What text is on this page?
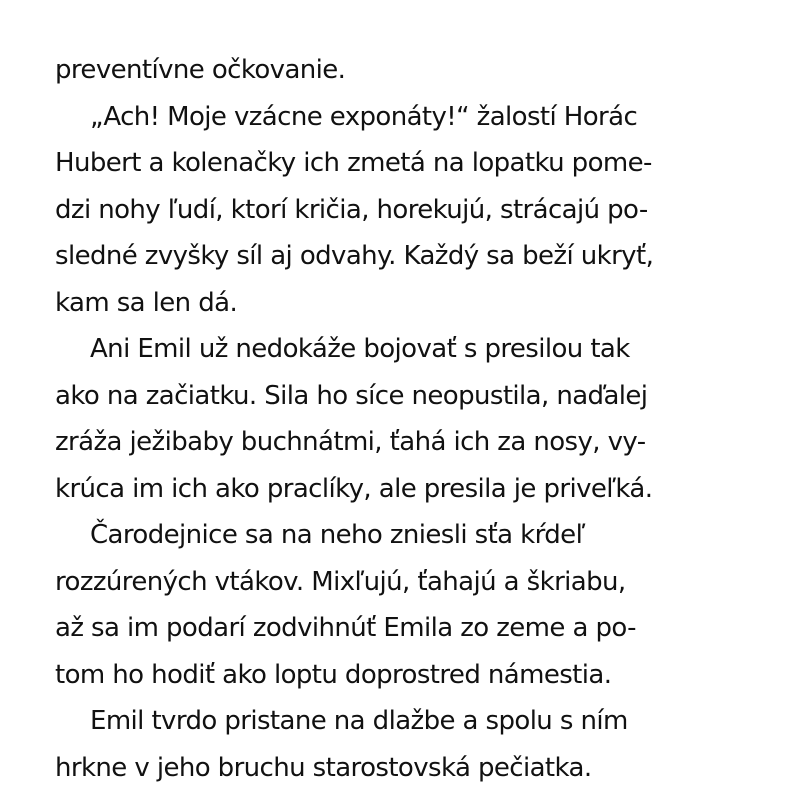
preventívne očkovanie.
„Ach! Moje vzácne exponáty!“ žalostí Horác
Hubert a kolenačky ich zmetá na lopatku pome-
dzi nohy ľudí, ktorí kričia, horekujú, strácajú po-
sledné zvyšky síl aj odvahy. Každý sa beží ukryť,
kam sa len dá.
Ani Emil už nedokáže bojovať s presilou tak
ako na začiatku. Sila ho síce neopustila, naďalej
zráža ježibaby buchnátmi, ťahá ich za nosy, vy-
krúca im ich ako praclíky, ale presila je priveľká.
Čarodejnice sa na neho zniesli sťa kŕdeľ
rozzúrených vtákov. Mixľujú, ťahajú a škriabu,
až sa im podarí zodvihnúť Emila zo zeme a po-
tom ho hodiť ako loptu doprostred námestia.
Emil tvrdo pristane na dlažbe a spolu s ním
hrkne v jeho bruchu starostovská pečiatka.
